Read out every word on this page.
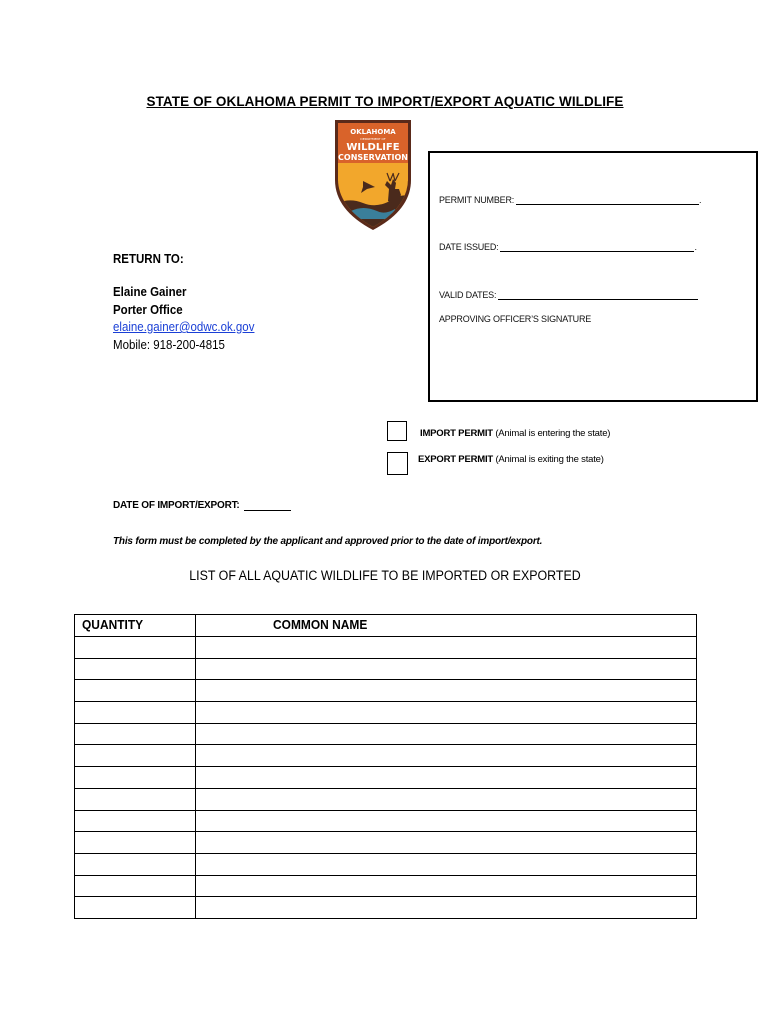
STATE OF OKLAHOMA PERMIT TO IMPORT/EXPORT AQUATIC WILDLIFE
OKLAHOMA
DEPARTMENT OF
WILDLIFE
CONSERVATION
PERMIT NUMBER:	.
DATE ISSUED:	.
VALID DATES:
APPROVING OFFICER’S SIGNATURE
RETURN TO:
Elaine Gainer
Porter Office
elaine.gainer@odwc.ok.gov
Mobile: 918-200-4815
IMPORT PERMIT (Animal is entering the state)
EXPORT PERMIT (Animal is exiting the state)
DATE OF IMPORT/EXPORT:
This form must be completed by the applicant and approved prior to the date of import/export.
LIST OF ALL AQUATIC WILDLIFE TO BE IMPORTED OR EXPORTED
QUANTITY	COMMON NAME
